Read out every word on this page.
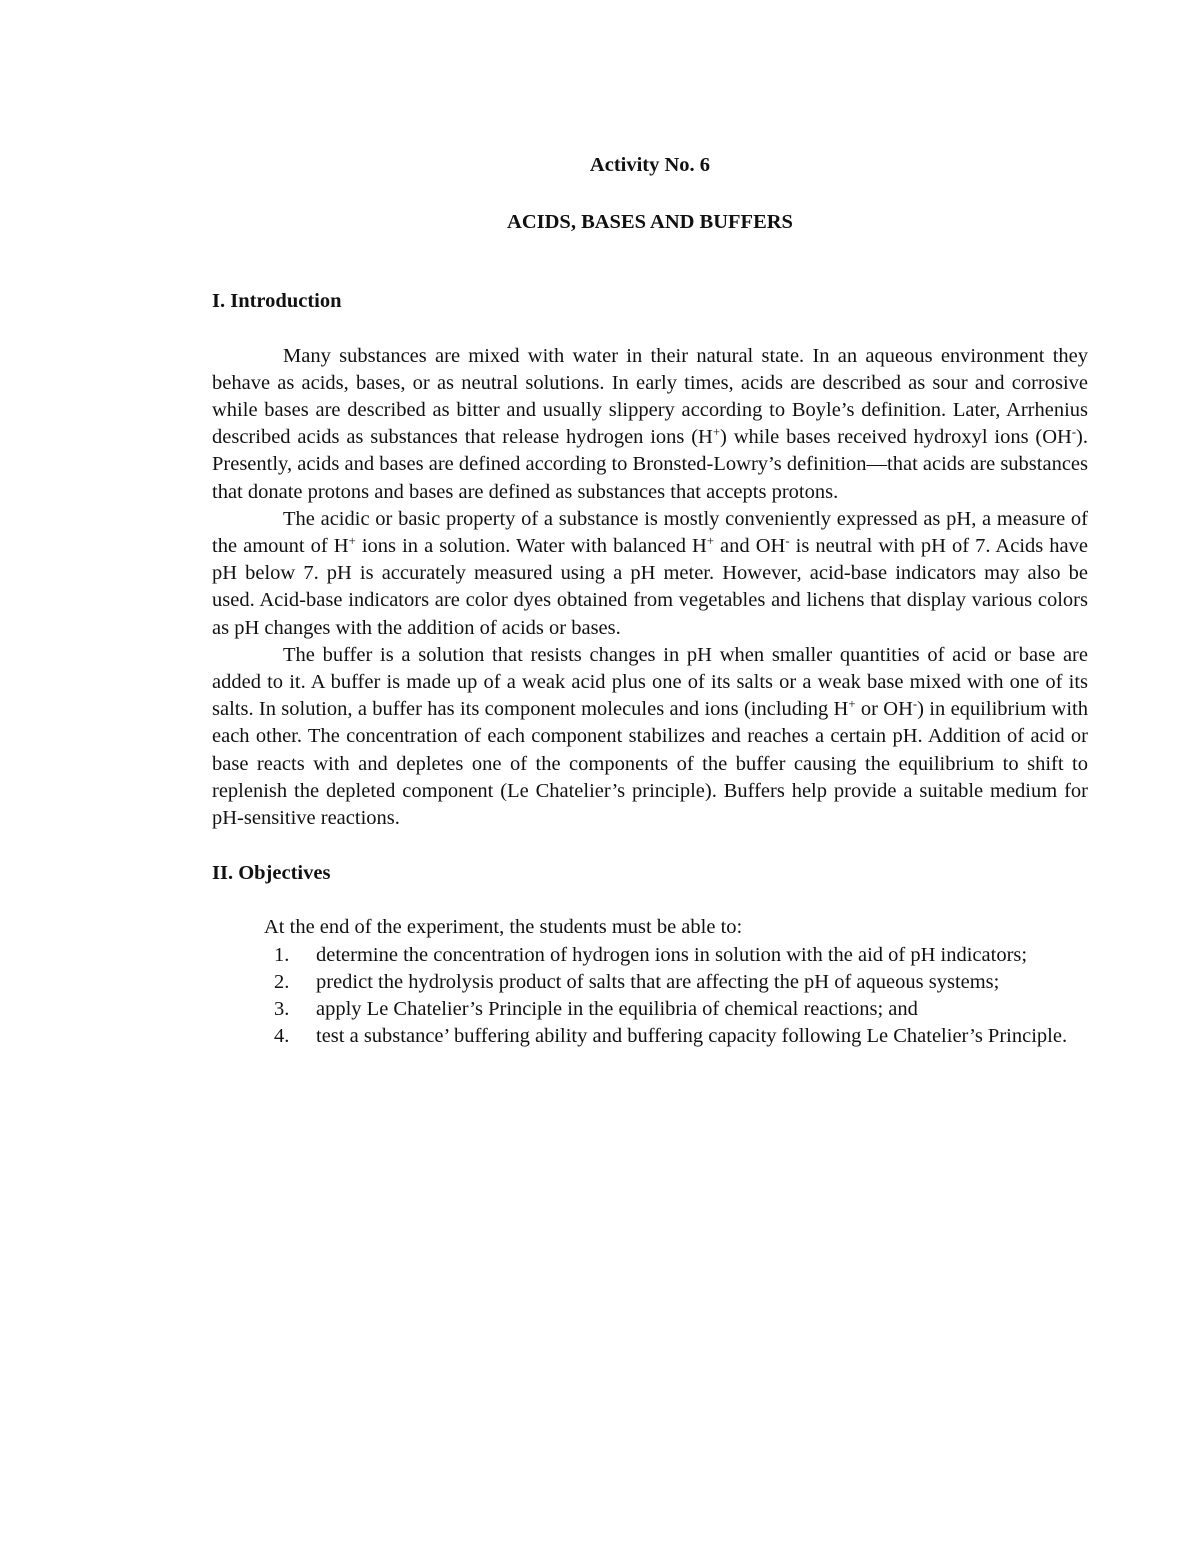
Activity No. 6

ACIDS, BASES AND BUFFERS

I. Introduction

Many substances are mixed with water in their natural state. In an aqueous environment they behave as acids, bases, or as neutral solutions. In early times, acids are described as sour and corrosive while bases are described as bitter and usually slippery according to Boyle’s definition. Later, Arrhenius described acids as substances that release hydrogen ions (H+) while bases received hydroxyl ions (OH-). Presently, acids and bases are defined according to Bronsted-Lowry’s definition—that acids are substances that donate protons and bases are defined as substances that accepts protons.

The acidic or basic property of a substance is mostly conveniently expressed as pH, a measure of the amount of H+ ions in a solution. Water with balanced H+ and OH- is neutral with pH of 7. Acids have pH below 7. pH is accurately measured using a pH meter. However, acid-base indicators may also be used. Acid-base indicators are color dyes obtained from vegetables and lichens that display various colors as pH changes with the addition of acids or bases.

The buffer is a solution that resists changes in pH when smaller quantities of acid or base are added to it. A buffer is made up of a weak acid plus one of its salts or a weak base mixed with one of its salts. In solution, a buffer has its component molecules and ions (including H+ or OH-) in equilibrium with each other. The concentration of each component stabilizes and reaches a certain pH. Addition of acid or base reacts with and depletes one of the components of the buffer causing the equilibrium to shift to replenish the depleted component (Le Chatelier’s principle). Buffers help provide a suitable medium for pH-sensitive reactions.

II. Objectives

At the end of the experiment, the students must be able to:

1. determine the concentration of hydrogen ions in solution with the aid of pH indicators;
2. predict the hydrolysis product of salts that are affecting the pH of aqueous systems;
3. apply Le Chatelier’s Principle in the equilibria of chemical reactions; and
4. test a substance’ buffering ability and buffering capacity following Le Chatelier’s Principle.
